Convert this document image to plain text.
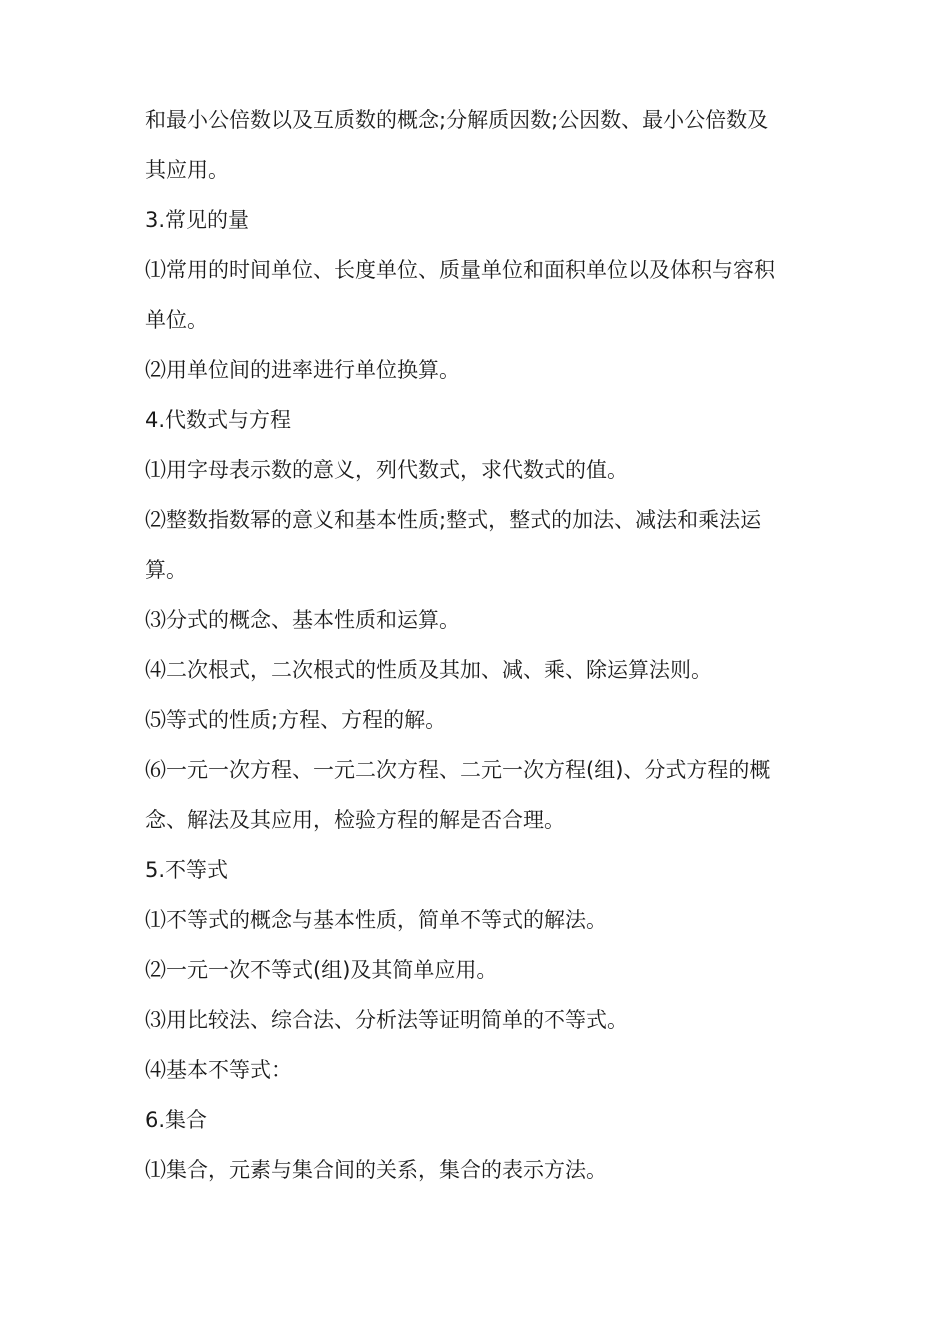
和最小公倍数以及互质数的概念;分解质因数;公因数、最小公倍数及
其应用。
3.常见的量
⑴常用的时间单位、长度单位、质量单位和面积单位以及体积与容积
单位。
⑵用单位间的进率进行单位换算。
4.代数式与方程
⑴用字母表示数的意义，列代数式，求代数式的值。
⑵整数指数幂的意义和基本性质;整式，整式的加法、减法和乘法运
算。
⑶分式的概念、基本性质和运算。
⑷二次根式，二次根式的性质及其加、减、乘、除运算法则。
⑸等式的性质;方程、方程的解。
⑹一元一次方程、一元二次方程、二元一次方程(组)、分式方程的概
念、解法及其应用，检验方程的解是否合理。
5.不等式
⑴不等式的概念与基本性质，简单不等式的解法。
⑵一元一次不等式(组)及其简单应用。
⑶用比较法、综合法、分析法等证明简单的不等式。
⑷基本不等式：
6.集合
⑴集合，元素与集合间的关系，集合的表示方法。
